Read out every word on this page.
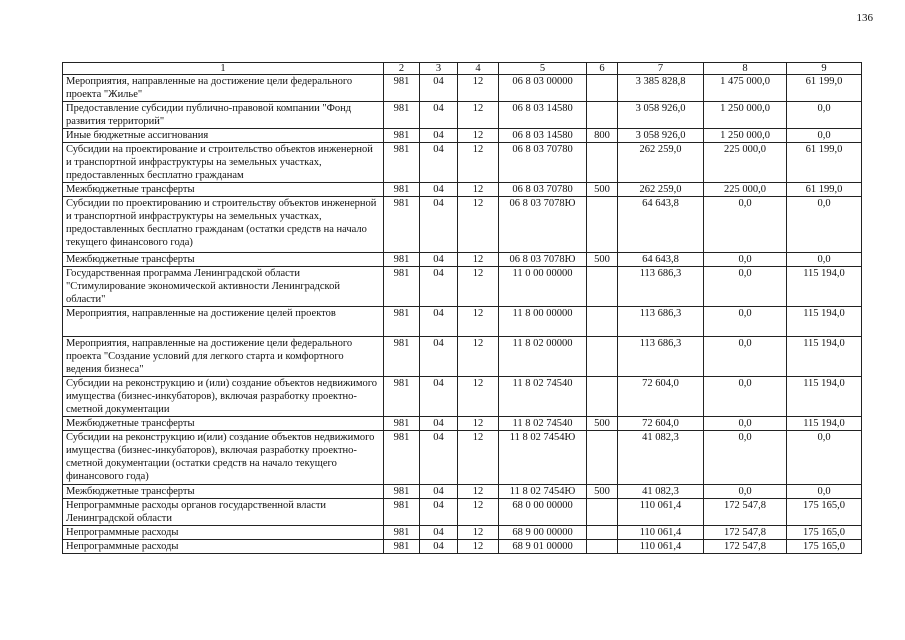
136
1	2	3	4	5	6	7	8	9
Мероприятия, направленные на достижение цели федерального проекта "Жилье"	981	04	12	06 8 03 00000		3 385 828,8	1 475 000,0	61 199,0
Предоставление субсидии публично-правовой компании "Фонд развития территорий"	981	04	12	06 8 03 14580		3 058 926,0	1 250 000,0	0,0
Иные бюджетные ассигнования	981	04	12	06 8 03 14580	800	3 058 926,0	1 250 000,0	0,0
Субсидии на проектирование и строительство объектов инженерной и транспортной инфраструктуры на земельных участках, предоставленных бесплатно гражданам	981	04	12	06 8 03 70780		262 259,0	225 000,0	61 199,0
Межбюджетные трансферты	981	04	12	06 8 03 70780	500	262 259,0	225 000,0	61 199,0
Субсидии по проектированию и строительству объектов инженерной и транспортной инфраструктуры на земельных участках, предоставленных бесплатно гражданам (остатки средств на начало текущего финансового года)	981	04	12	06 8 03 7078Ю		64 643,8	0,0	0,0
Межбюджетные трансферты	981	04	12	06 8 03 7078Ю	500	64 643,8	0,0	0,0
Государственная программа Ленинградской области "Стимулирование экономической активности Ленинградской области"	981	04	12	11 0 00 00000		113 686,3	0,0	115 194,0
Мероприятия, направленные на достижение целей проектов	981	04	12	11 8 00 00000		113 686,3	0,0	115 194,0
Мероприятия, направленные на достижение цели федерального проекта "Создание условий для легкого старта и комфортного ведения бизнеса"	981	04	12	11 8 02 00000		113 686,3	0,0	115 194,0
Субсидии на реконструкцию и (или) создание объектов недвижимого имущества (бизнес-инкубаторов), включая разработку проектно-сметной документации	981	04	12	11 8 02 74540		72 604,0	0,0	115 194,0
Межбюджетные трансферты	981	04	12	11 8 02 74540	500	72 604,0	0,0	115 194,0
Субсидии на реконструкцию и(или) создание объектов недвижимого имущества (бизнес-инкубаторов), включая разработку проектно-сметной документации (остатки средств на начало текущего финансового года)	981	04	12	11 8 02 7454Ю		41 082,3	0,0	0,0
Межбюджетные трансферты	981	04	12	11 8 02 7454Ю	500	41 082,3	0,0	0,0
Непрограммные расходы органов государственной власти Ленинградской области	981	04	12	68 0 00 00000		110 061,4	172 547,8	175 165,0
Непрограммные расходы	981	04	12	68 9 00 00000		110 061,4	172 547,8	175 165,0
Непрограммные расходы	981	04	12	68 9 01 00000		110 061,4	172 547,8	175 165,0
